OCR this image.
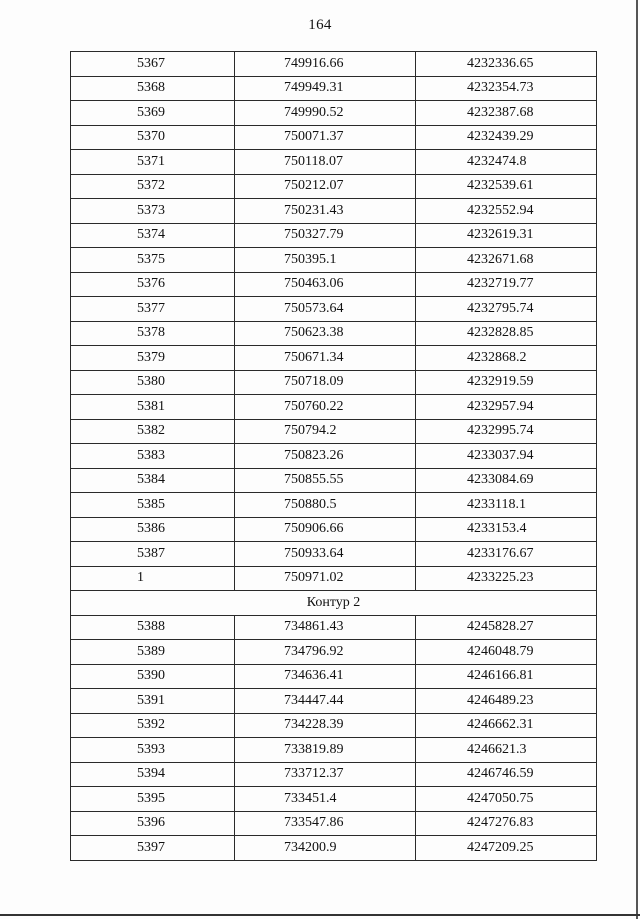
164
5367	749916.66	4232336.65
5368	749949.31	4232354.73
5369	749990.52	4232387.68
5370	750071.37	4232439.29
5371	750118.07	4232474.8
5372	750212.07	4232539.61
5373	750231.43	4232552.94
5374	750327.79	4232619.31
5375	750395.1	4232671.68
5376	750463.06	4232719.77
5377	750573.64	4232795.74
5378	750623.38	4232828.85
5379	750671.34	4232868.2
5380	750718.09	4232919.59
5381	750760.22	4232957.94
5382	750794.2	4232995.74
5383	750823.26	4233037.94
5384	750855.55	4233084.69
5385	750880.5	4233118.1
5386	750906.66	4233153.4
5387	750933.64	4233176.67
1	750971.02	4233225.23
Контур 2		
5388	734861.43	4245828.27
5389	734796.92	4246048.79
5390	734636.41	4246166.81
5391	734447.44	4246489.23
5392	734228.39	4246662.31
5393	733819.89	4246621.3
5394	733712.37	4246746.59
5395	733451.4	4247050.75
5396	733547.86	4247276.83
5397	734200.9	4247209.25
